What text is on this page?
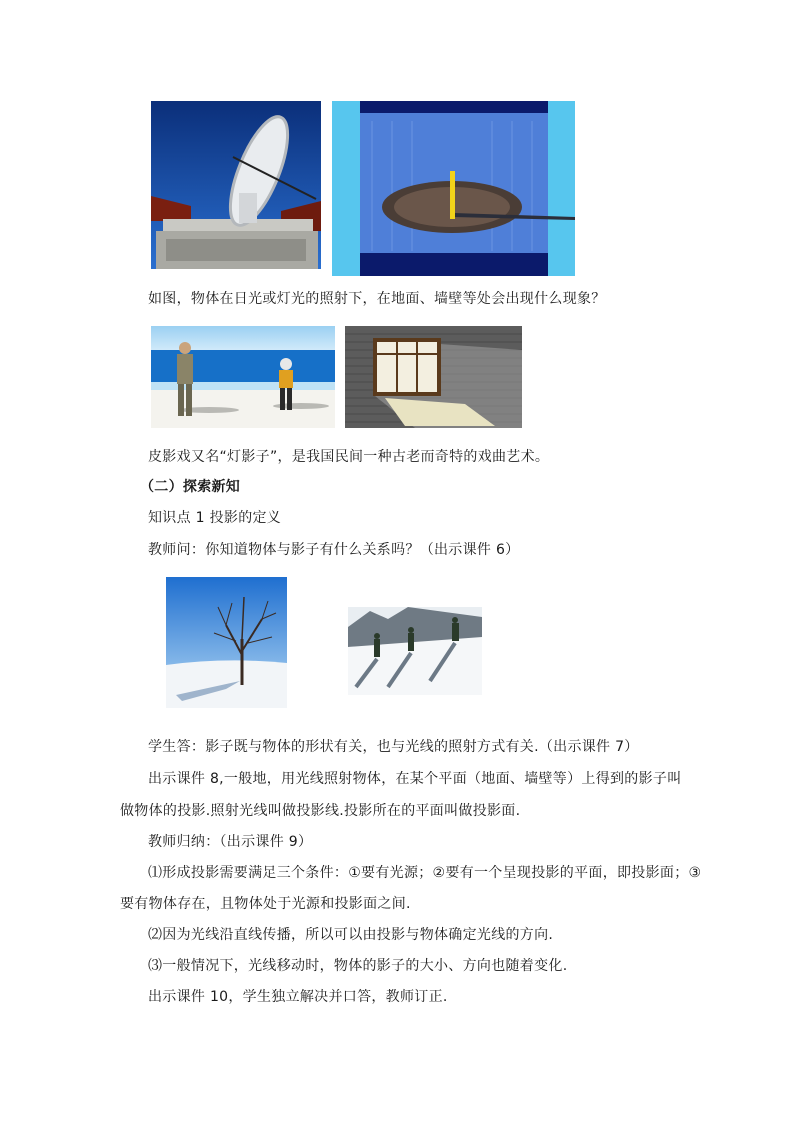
如图，物体在日光或灯光的照射下，在地面、墙壁等处会出现什么现象？
皮影戏又名“灯影子”，是我国民间一种古老而奇特的戏曲艺术。
（二）探索新知
知识点 1 投影的定义
教师问：你知道物体与影子有什么关系吗？（出示课件 6）
学生答：影子既与物体的形状有关，也与光线的照射方式有关.（出示课件 7）
出示课件 8,一般地，用光线照射物体，在某个平面（地面、墙壁等）上得到的影子叫
做物体的投影.照射光线叫做投影线.投影所在的平面叫做投影面.
教师归纳：（出示课件 9）
⑴形成投影需要满足三个条件：①要有光源；②要有一个呈现投影的平面，即投影面；③
要有物体存在，且物体处于光源和投影面之间.
⑵因为光线沿直线传播，所以可以由投影与物体确定光线的方向.
⑶一般情况下，光线移动时，物体的影子的大小、方向也随着变化.
出示课件 10，学生独立解决并口答，教师订正.
